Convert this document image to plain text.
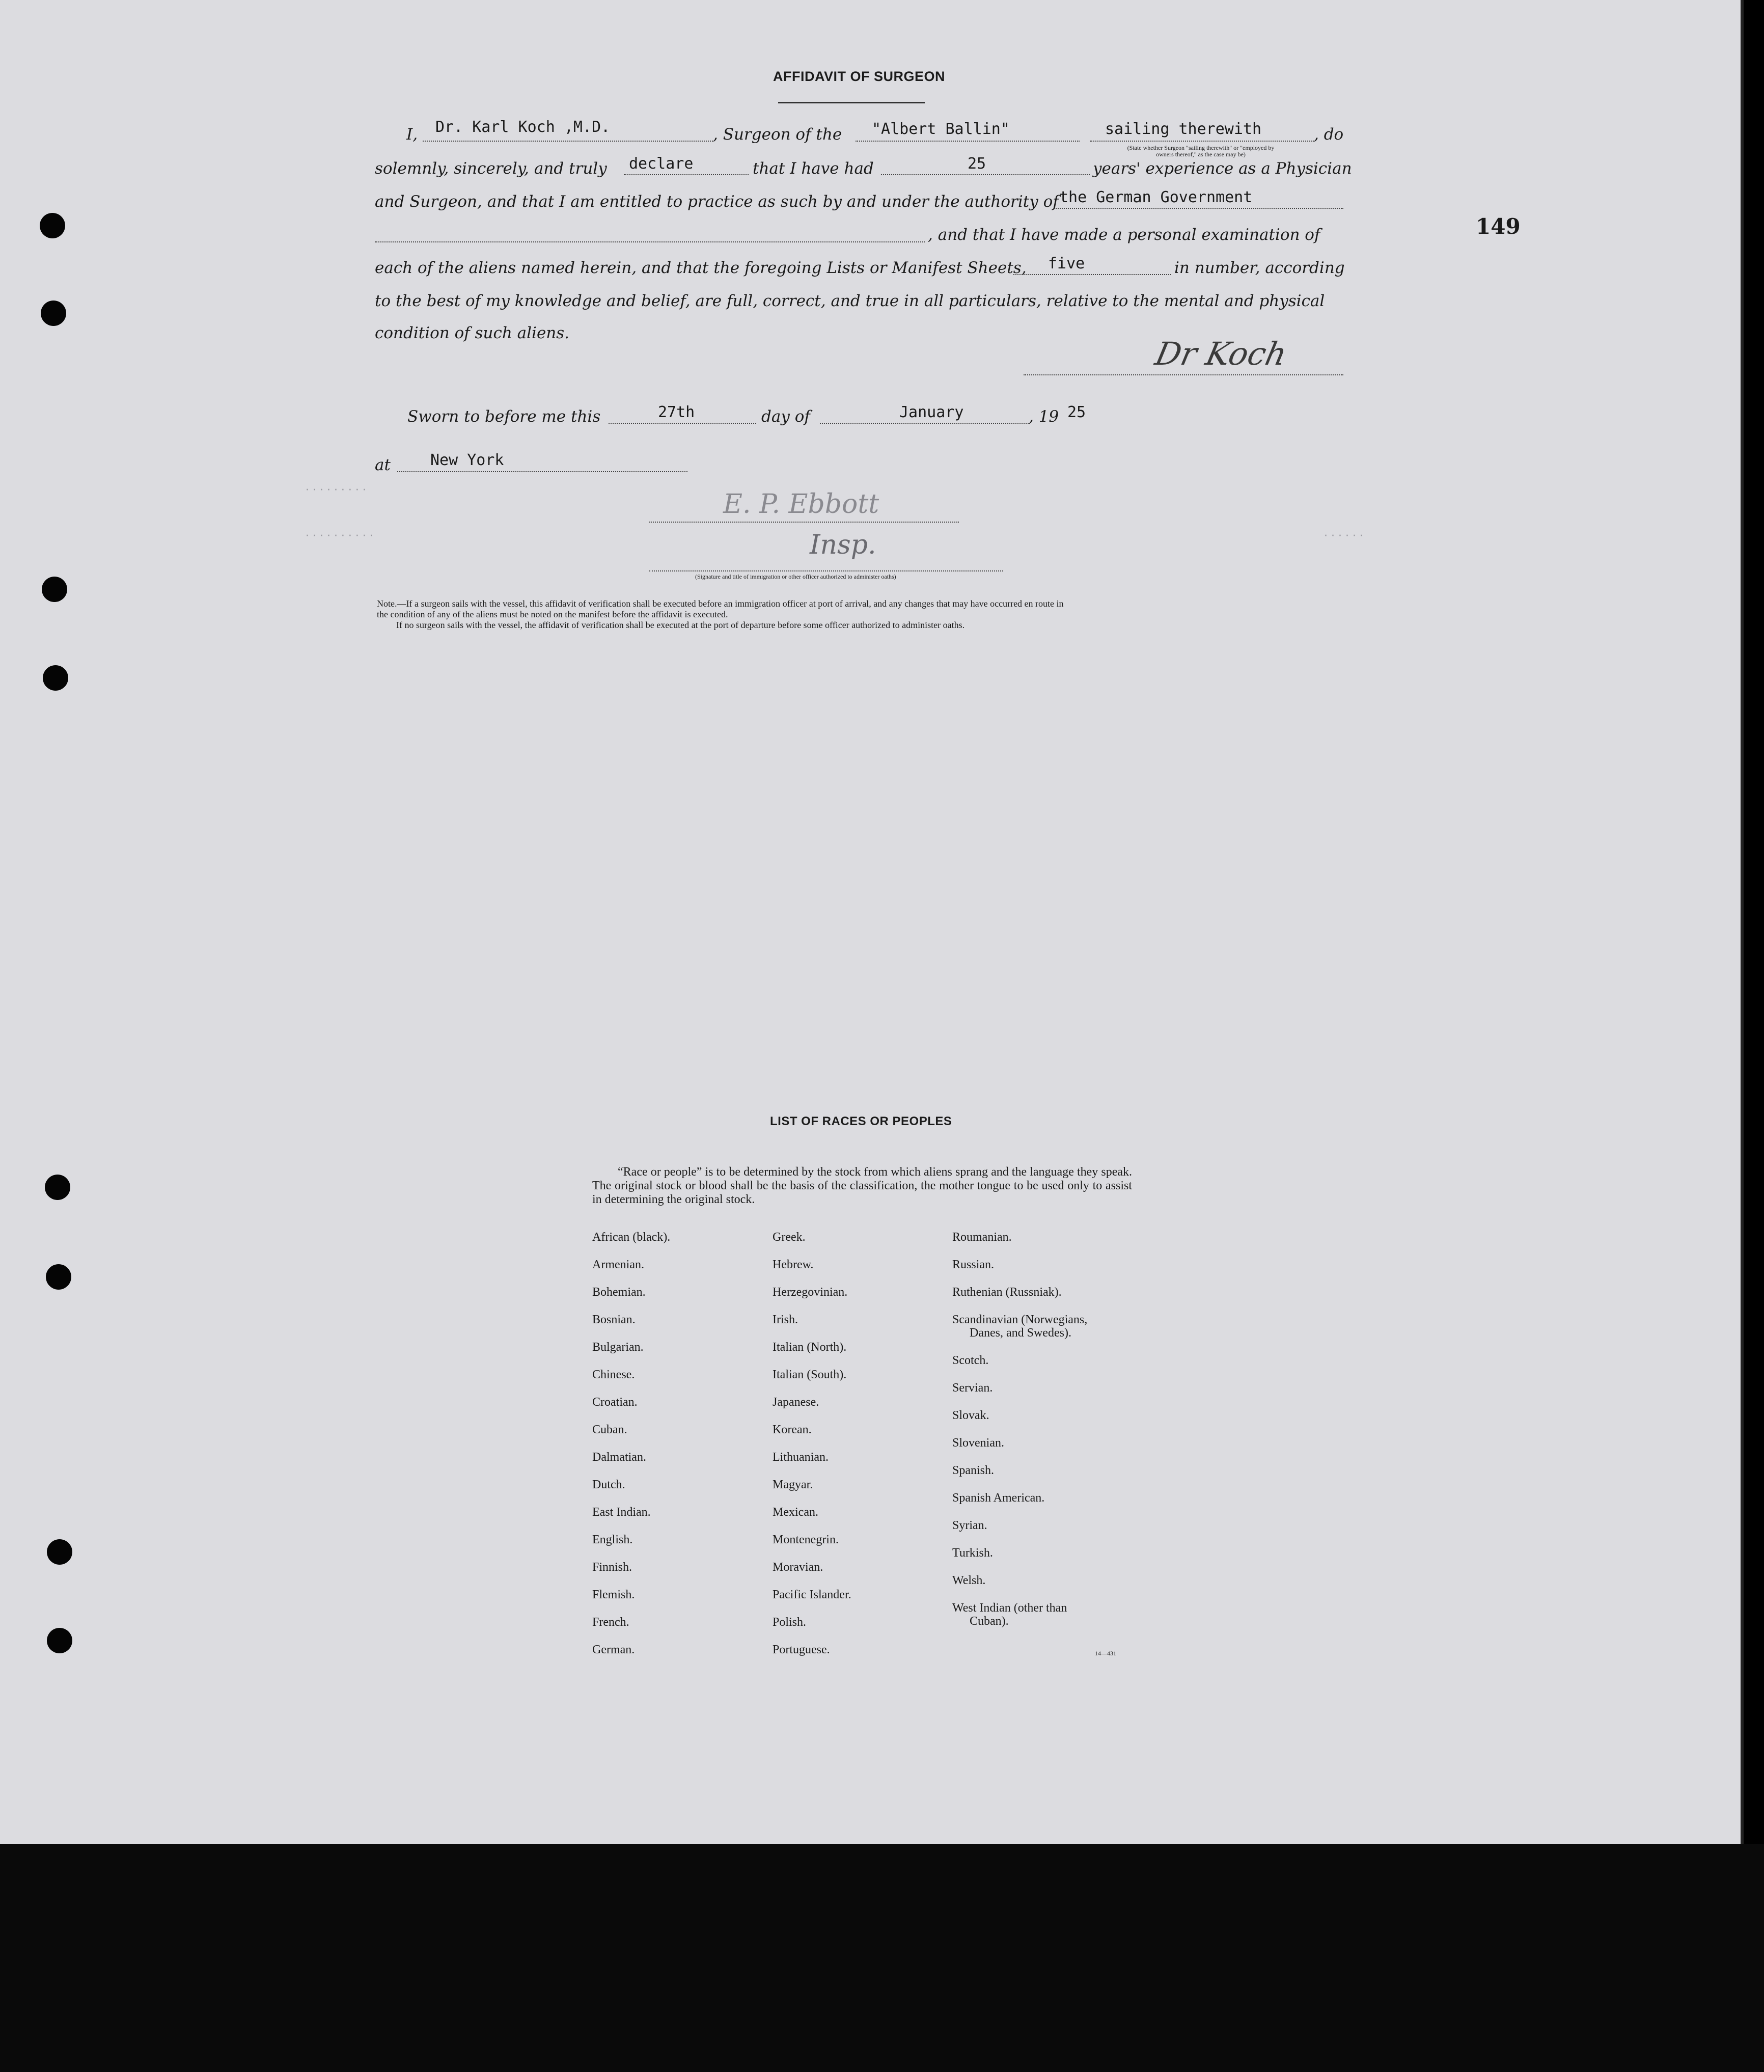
AFFIDAVIT OF SURGEON
149
I, Dr. Karl Koch ,M.D.	, Surgeon of the "Albert Ballin"	sailing therewith	, do
(State whether Surgeon "sailing therewith" or "employed by
owners thereof," as the case may be)
solemnly, sincerely, and truly declare	that I have had	25	years' experience as a Physician
and Surgeon, and that I am entitled to practice as such by and under the authority of the German Government
, and that I have made a personal examination of
each of the aliens named herein, and that the foregoing Lists or Manifest Sheets, five	in number, according
to the best of my knowledge and belief, are full, correct, and true in all particulars, relative to the mental and physical
condition of such aliens.
Dr Koch
Sworn to before me this	27th	day of	January	, 19 25
at	New York
· · · · · · · · ·
· · · · · · · · · ·	· · · · · ·
E. P. Ebbott
Insp.
(Signature and title of immigration or other officer authorized to administer oaths)
Note.—If a surgeon sails with the vessel, this affidavit of verification shall be executed before an immigration officer at port of arrival, and any changes that may have occurred en route in
the condition of any of the aliens must be noted on the manifest before the affidavit is executed.
If no surgeon sails with the vessel, the affidavit of verification shall be executed at the port of departure before some officer authorized to administer oaths.
LIST OF RACES OR PEOPLES
“Race or people” is to be determined by the stock from which aliens sprang and the language they speak. The original stock or blood shall be the basis of the classification, the mother tongue to be used only to assist in determining the original stock.
14—431
African (black).
Armenian.
Bohemian.
Bosnian.
Bulgarian.
Chinese.
Croatian.
Cuban.
Dalmatian.
Dutch.
East Indian.
English.
Finnish.
Flemish.
French.
German.
Greek.
Hebrew.
Herzegovinian.
Irish.
Italian (North).
Italian (South).
Japanese.
Korean.
Lithuanian.
Magyar.
Mexican.
Montenegrin.
Moravian.
Pacific Islander.
Polish.
Portuguese.
Roumanian.
Russian.
Ruthenian (Russniak).
Scandinavian (Norwegians,
Danes, and Swedes).
Scotch.
Servian.
Slovak.
Slovenian.
Spanish.
Spanish American.
Syrian.
Turkish.
Welsh.
West Indian (other than
Cuban).
